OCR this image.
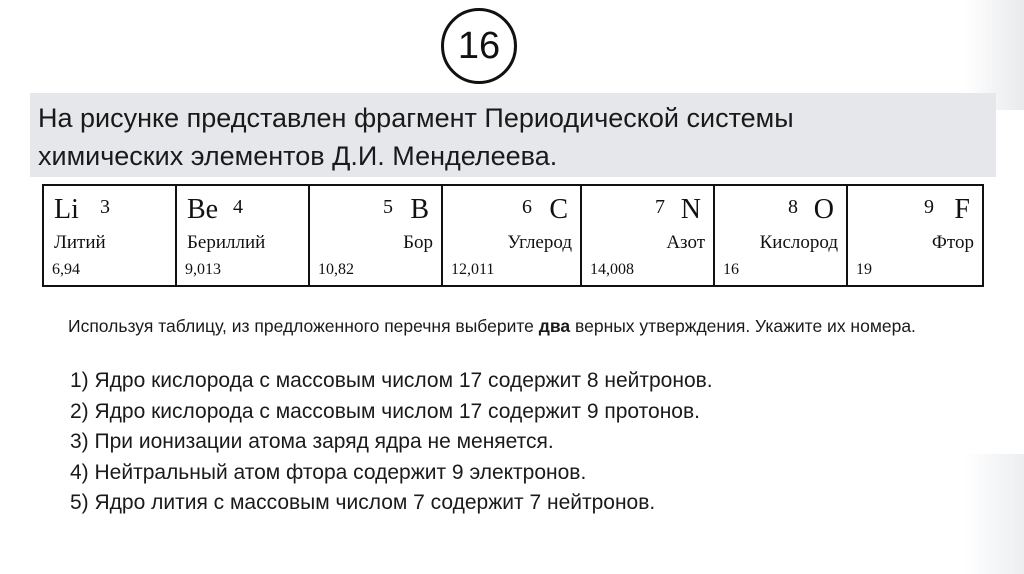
16
На рисунке представлен фрагмент Периодической системы
химических элементов Д.И. Менделеева.
Li 3
Литий
6,94

Be 4
Бериллий
9,013

B
5
Бор
10,82

C
6
Углерод
12,011

N
7
Азот
14,008

O
8
Кислород
16

F
9
Фтор
19
Используя таблицу, из предложенного перечня выберите два верных утверждения. Укажите их номера.
1) Ядро кислорода с массовым числом 17 содержит 8 нейтронов.
2) Ядро кислорода с массовым числом 17 содержит 9 протонов.
3) При ионизации атома заряд ядра не меняется.
4) Нейтральный атом фтора содержит 9 электронов.
5) Ядро лития с массовым числом 7 содержит 7 нейтронов.
